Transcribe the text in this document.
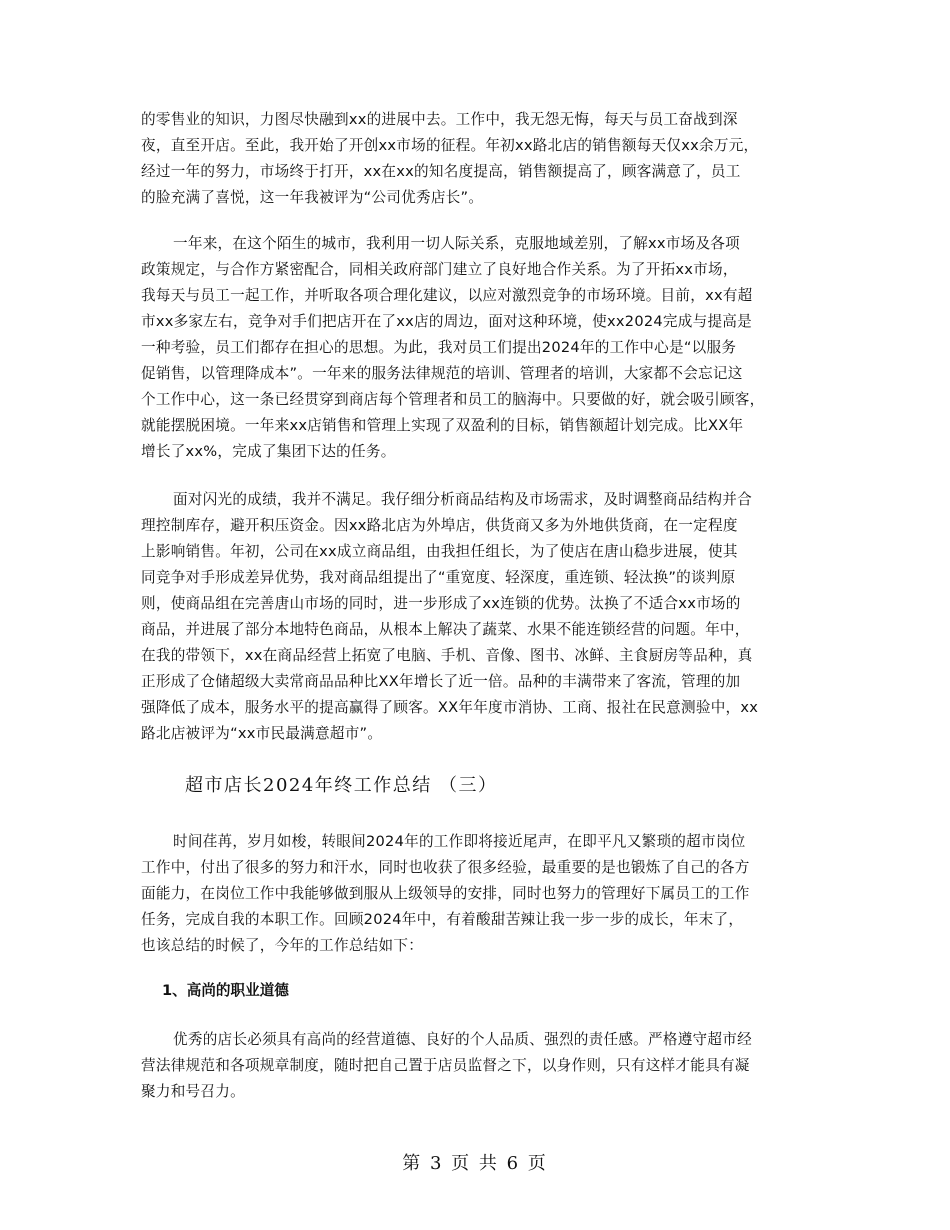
的零售业的知识，力图尽快融到xx的进展中去。工作中，我无怨无悔，每天与员工奋战到深
夜，直至开店。至此，我开始了开创xx市场的征程。年初xx路北店的销售额每天仅xx余万元，
经过一年的努力，市场终于打开，xx在xx的知名度提高，销售额提高了，顾客满意了，员工
的脸充满了喜悦，这一年我被评为“公司优秀店长”。
一年来，在这个陌生的城市，我利用一切人际关系，克服地域差别，了解xx市场及各项
政策规定，与合作方紧密配合，同相关政府部门建立了良好地合作关系。为了开拓xx市场，
我每天与员工一起工作，并听取各项合理化建议，以应对激烈竞争的市场环境。目前，xx有超
市xx多家左右，竞争对手们把店开在了xx店的周边，面对这种环境，使xx2024完成与提高是
一种考验，员工们都存在担心的思想。为此，我对员工们提出2024年的工作中心是“以服务
促销售，以管理降成本”。一年来的服务法律规范的培训、管理者的培训，大家都不会忘记这
个工作中心，这一条已经贯穿到商店每个管理者和员工的脑海中。只要做的好，就会吸引顾客，
就能摆脱困境。一年来xx店销售和管理上实现了双盈利的目标，销售额超计划完成。比XX年
增长了xx%，完成了集团下达的任务。
面对闪光的成绩，我并不满足。我仔细分析商品结构及市场需求，及时调整商品结构并合
理控制库存，避开积压资金。因xx路北店为外埠店，供货商又多为外地供货商，在一定程度
上影响销售。年初，公司在xx成立商品组，由我担任组长，为了使店在唐山稳步进展，使其
同竞争对手形成差异优势，我对商品组提出了“重宽度、轻深度，重连锁、轻汰换”的谈判原
则，使商品组在完善唐山市场的同时，进一步形成了xx连锁的优势。汰换了不适合xx市场的
商品，并进展了部分本地特色商品，从根本上解决了蔬菜、水果不能连锁经营的问题。年中，
在我的带领下，xx在商品经营上拓宽了电脑、手机、音像、图书、冰鲜、主食厨房等品种，真
正形成了仓储超级大卖常商品品种比XX年增长了近一倍。品种的丰满带来了客流，管理的加
强降低了成本，服务水平的提高赢得了顾客。XX年年度市消协、工商、报社在民意测验中，xx
路北店被评为“xx市民最满意超市”。
超市店长2024年终工作总结 （三）
时间荏苒，岁月如梭，转眼间2024年的工作即将接近尾声，在即平凡又繁琐的超市岗位
工作中，付出了很多的努力和汗水，同时也收获了很多经验，最重要的是也锻炼了自己的各方
面能力，在岗位工作中我能够做到服从上级领导的安排，同时也努力的管理好下属员工的工作
任务，完成自我的本职工作。回顾2024年中，有着酸甜苦辣让我一步一步的成长，年末了，
也该总结的时候了，今年的工作总结如下：
1、高尚的职业道德
优秀的店长必须具有高尚的经营道德、良好的个人品质、强烈的责任感。严格遵守超市经
营法律规范和各项规章制度，随时把自己置于店员监督之下，以身作则，只有这样才能具有凝
聚力和号召力。
第 3 页 共 6 页
